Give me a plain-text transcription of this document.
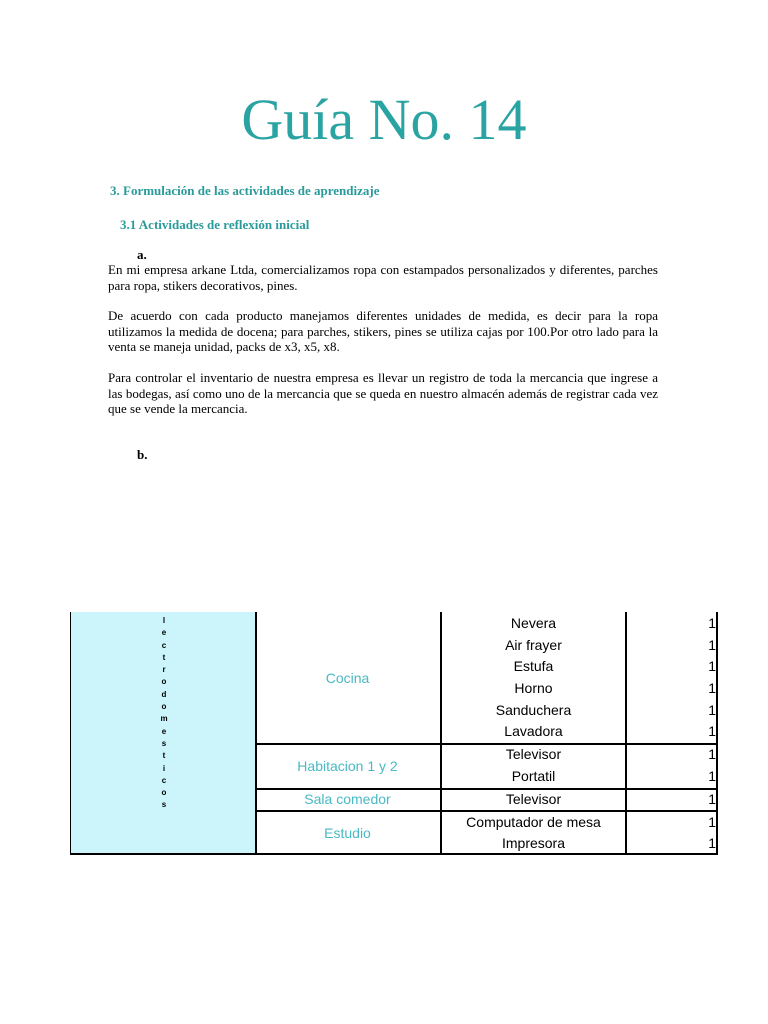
Guía No. 14
3. Formulación de las actividades de aprendizaje
3.1 Actividades de reflexión inicial
a.
En mi empresa arkane Ltda, comercializamos ropa con estampados personalizados y diferentes, parches para ropa, stikers decorativos, pines.
De acuerdo con cada producto manejamos diferentes unidades de medida, es decir para la ropa utilizamos la medida de docena; para parches, stikers, pines se utiliza cajas por 100.Por otro lado para la venta se maneja unidad, packs de x3, x5, x8.
Para controlar el inventario de nuestra empresa es llevar un registro de toda la mercancia que ingrese a las bodegas, así como uno de la mercancia que se queda en nuestro almacén además de registrar cada vez que se vende la mercancia.
b.
l
e
c
t
r
o
d
o
m
e
s
t
i
c
o
s
Cocina
Habitacion 1 y 2
Sala comedor
Estudio
Nevera
Air frayer
Estufa
Horno
Sanduchera
Lavadora
Televisor
Portatil
Televisor
Computador de mesa
Impresora
1
1
1
1
1
1
1
1
1
1
1
